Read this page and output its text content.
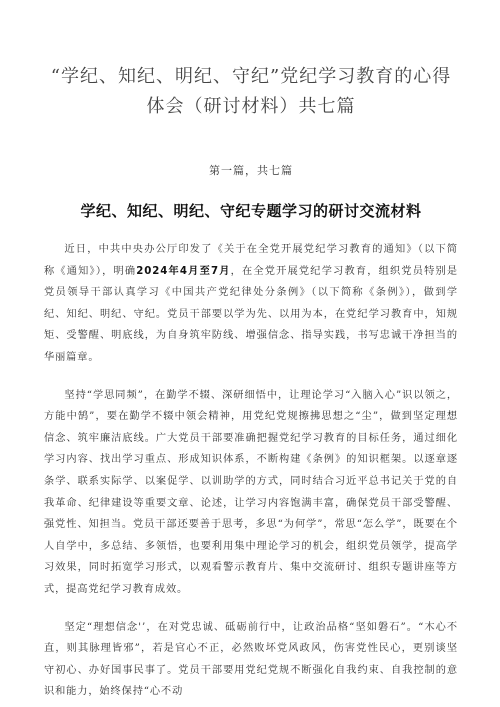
“学纪、知纪、明纪、守纪”党纪学习教育的心得
体会（研讨材料）共七篇
第一篇，共七篇
学纪、知纪、明纪、守纪专题学习的研讨交流材料

近日，中共中央办公厅印发了《关于在全党开展党纪学习教育的通知》（以下简称《通知》），明确2024年4月至7月，在全党开展党纪学习教育，组织党员特别是党员领导干部认真学习《中国共产党纪律处分条例》（以下简称《条例》），做到学纪、知纪、明纪、守纪。党员干部要以学为先、以用为本，在党纪学习教育中，知规矩、受警醒、明底线，为自身筑牢防线、增强信念、指导实践，书写忠诚干净担当的华丽篇章。

坚持“学思同频”，在勤学不辍、深研细悟中，让理论学习“入脑入心”识以领之，方能中鹄”，要在勤学不辍中领会精神，用党纪党规擦拂思想之“尘”，做到坚定理想信念、筑牢廉洁底线。广大党员干部要准确把握党纪学习教育的目标任务，通过细化学习内容、找出学习重点、形成知识体系，不断构建《条例》的知识框架。以逐章逐条学、联系实际学、以案促学、以训助学的方式，同时结合习近平总书记关于党的自我革命、纪律建设等重要文章、论述，让学习内容饱满丰富，确保党员干部受警醒、强党性、知担当。党员干部还要善于思考，多思“为何学”，常思“怎么学”，既要在个人自学中，多总结、多领悟，也要利用集中理论学习的机会，组织党员领学，提高学习效果，同时拓宽学习形式，以观看警示教育片、集中交流研讨、组织专题讲座等方式，提高党纪学习教育成效。

坚定“理想信念'’，在对党忠诚、砥砺前行中，让政治品格“坚如磐石”。“木心不直，则其脉理皆邪”，若是官心不正，必然败坏党风政风，伤害党性民心，更别谈坚守初心、办好国事民事了。党员干部要用党纪党规不断强化自我约束、自我控制的意识和能力，始终保持“心不动
